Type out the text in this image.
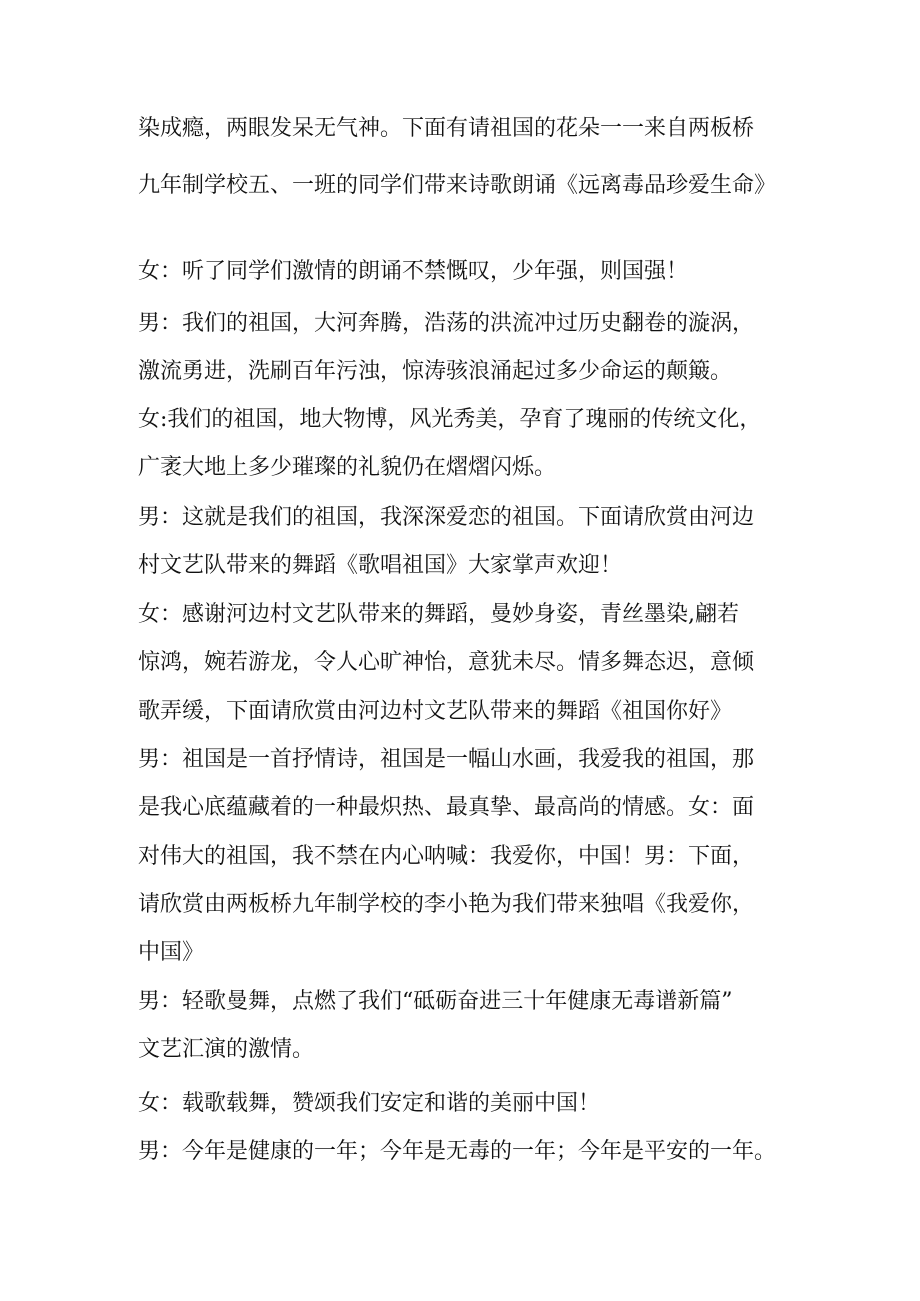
染成瘾，两眼发呆无气神。下面有请祖国的花朵一一来自两板桥
九年制学校五、一班的同学们带来诗歌朗诵《远离毒品珍爱生命》
女：听了同学们激情的朗诵不禁慨叹，少年强，则国强！
男：我们的祖国，大河奔腾，浩荡的洪流冲过历史翻卷的漩涡，
激流勇进，洗刷百年污浊，惊涛骇浪涌起过多少命运的颠簸。
女:我们的祖国，地大物博，风光秀美，孕育了瑰丽的传统文化，
广袤大地上多少璀璨的礼貌仍在熠熠闪烁。
男：这就是我们的祖国，我深深爱恋的祖国。下面请欣赏由河边
村文艺队带来的舞蹈《歌唱祖国》大家掌声欢迎！
女：感谢河边村文艺队带来的舞蹈，曼妙身姿，青丝墨染,翩若
惊鸿，婉若游龙，令人心旷神怡，意犹未尽。情多舞态迟，意倾
歌弄缓，下面请欣赏由河边村文艺队带来的舞蹈《祖国你好》
男：祖国是一首抒情诗，祖国是一幅山水画，我爱我的祖国，那
是我心底蕴藏着的一种最炽热、最真挚、最高尚的情感。女：面
对伟大的祖国，我不禁在内心呐喊：我爱你，中国！男：下面，
请欣赏由两板桥九年制学校的李小艳为我们带来独唱《我爱你，
中国》
男：轻歌曼舞，点燃了我们“砥砺奋进三十年健康无毒谱新篇”
文艺汇演的激情。
女：载歌载舞，赞颂我们安定和谐的美丽中国！
男：今年是健康的一年；今年是无毒的一年；今年是平安的一年。
